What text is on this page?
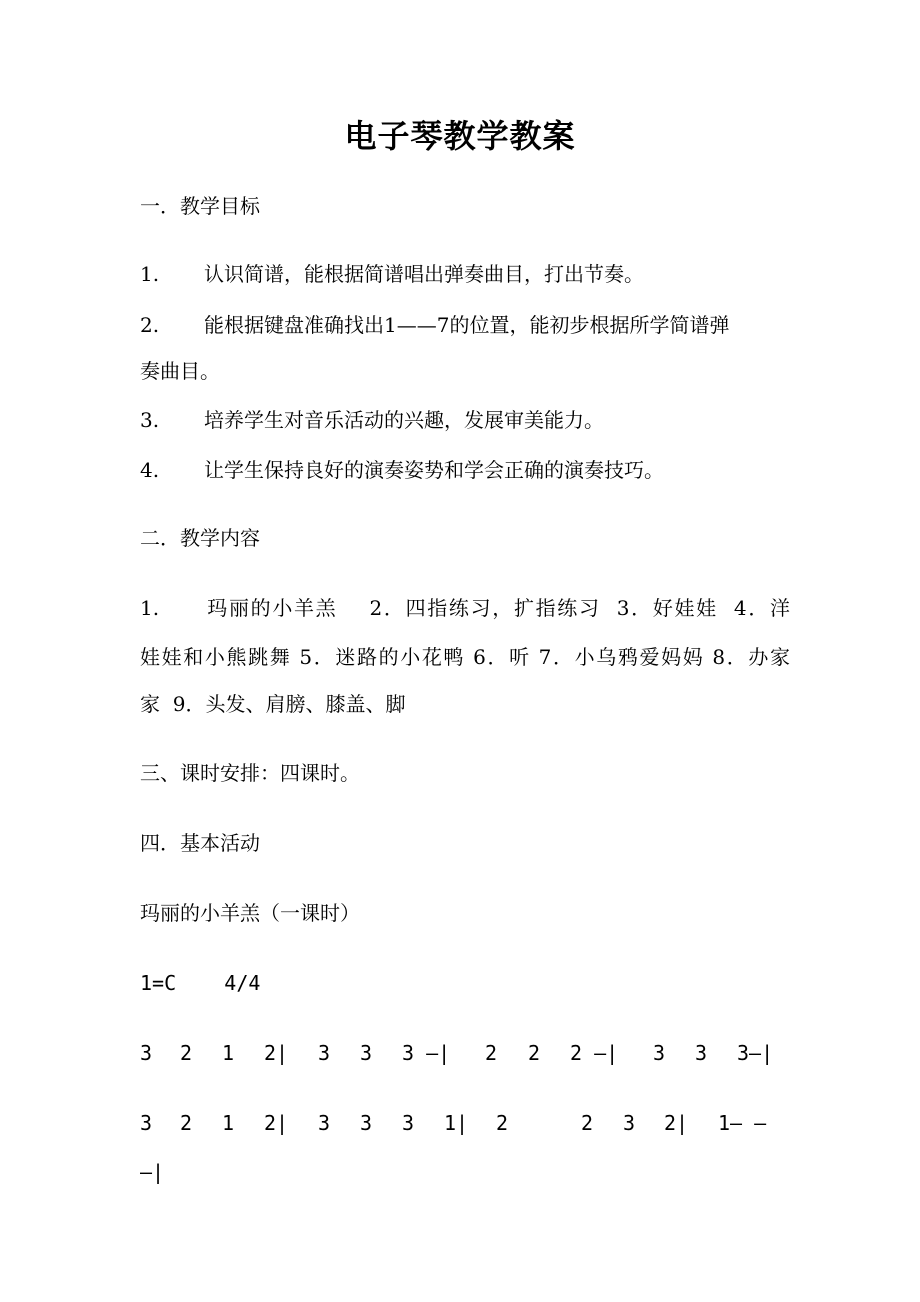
电子琴教学教案
一．教学目标
1. 认识简谱，能根据简谱唱出弹奏曲目，打出节奏。
2. 能根据键盘准确找出1——7的位置，能初步根据所学简谱弹
奏曲目。
3. 培养学生对音乐活动的兴趣，发展审美能力。
4. 让学生保持良好的演奏姿势和学会正确的演奏技巧。
二．教学内容
1.      玛丽的小羊羔    2．四指练习，扩指练习  3．好娃娃  4．洋
娃娃和小熊跳舞 5．迷路的小花鸭 6．听 7．小乌鸦爱妈妈 8．办家
家  9．头发、肩膀、膝盖、脚
三、课时安排：四课时。
四．基本活动
玛丽的小羊羔（一课时）
1=C    4/4
3 2 1 2| 3 3 3 —| 2 2 2 —| 3 3 3—|
3 2 1 2| 3 3 3 1| 2	2 3 2| 1— —
—|
